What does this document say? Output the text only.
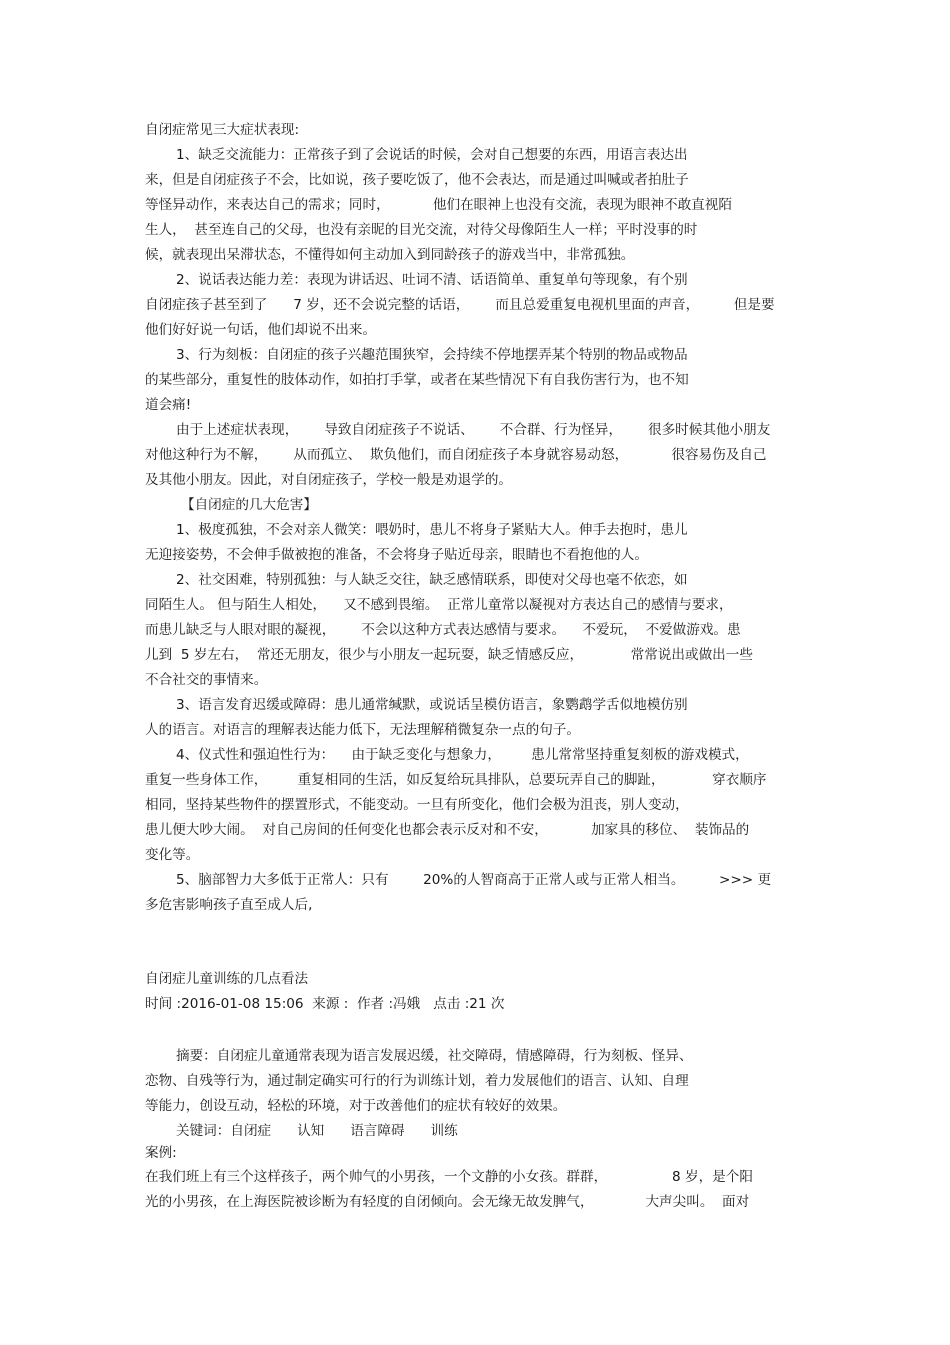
自闭症常见三大症状表现:
1、缺乏交流能力：正常孩子到了会说话的时候，会对自己想要的东西，用语言表达出
来，但是自闭症孩子不会，比如说，孩子要吃饭了，他不会表达，而是通过叫喊或者拍肚子
等怪异动作，来表达自己的需求；同时，          他们在眼神上也没有交流，表现为眼神不敢直视陌
生人，  甚至连自己的父母，也没有亲昵的目光交流，对待父母像陌生人一样；平时没事的时
候，就表现出呆滞状态，不懂得如何主动加入到同龄孩子的游戏当中，非常孤独。
2、说话表达能力差：表现为讲话迟、吐词不清、话语简单、重复单句等现象，有个别
自闭症孩子甚至到了      7 岁，还不会说完整的话语，      而且总爱重复电视机里面的声音，        但是要
他们好好说一句话，他们却说不出来。
3、行为刻板：自闭症的孩子兴趣范围狭窄，会持续不停地摆弄某个特别的物品或物品
的某些部分，重复性的肢体动作，如拍打手掌，或者在某些情况下有自我伤害行为，也不知
道会痛!
由于上述症状表现，      导致自闭症孩子不说话、      不合群、行为怪异，      很多时候其他小朋友
对他这种行为不解，      从而孤立、  欺负他们，而自闭症孩子本身就容易动怒，          很容易伤及自己
及其他小朋友。因此，对自闭症孩子，学校一般是劝退学的。
【自闭症的几大危害】
1、极度孤独，不会对亲人微笑：喂奶时，患儿不将身子紧贴大人。伸手去抱时，患儿
无迎接姿势，不会伸手做被抱的准备，不会将身子贴近母亲，眼睛也不看抱他的人。
2、社交困难，特别孤独：与人缺乏交往，缺乏感情联系，即使对父母也毫不依恋，如
同陌生人。 但与陌生人相处，    又不感到畏缩。  正常儿童常以凝视对方表达自己的感情与要求，
而患儿缺乏与人眼对眼的凝视，      不会以这种方式表达感情与要求。    不爱玩，  不爱做游戏。患
儿到  5 岁左右，  常还无朋友，很少与小朋友一起玩耍，缺乏情感反应，           常常说出或做出一些
不合社交的事情来。
3、语言发育迟缓或障碍：患儿通常缄默，或说话呈模仿语言，象鹦鹉学舌似地模仿别
人的语言。对语言的理解表达能力低下，无法理解稍微复杂一点的句子。
4、仪式性和强迫性行为：    由于缺乏变化与想象力，       患儿常常坚持重复刻板的游戏模式，
重复一些身体工作，       重复相同的生活，如反复给玩具排队，总要玩弄自己的脚趾，           穿衣顺序
相同，坚持某些物件的摆置形式，不能变动。一旦有所变化，他们会极为沮丧，别人变动，
患儿便大吵大闹。  对自己房间的任何变化也都会表示反对和不安，          加家具的移位、  装饰品的
变化等。
5、脑部智力大多低于正常人：只有        20%的人智商高于正常人或与正常人相当。        >>> 更
多危害影响孩子直至成人后,
自闭症儿童训练的几点看法
时间 :2016-01-08 15:06  来源 :  作者 :冯娥   点击 :21 次
摘要：自闭症儿童通常表现为语言发展迟缓，社交障碍，情感障碍，行为刻板、怪异、
恋物、自残等行为，通过制定确实可行的行为训练计划，着力发展他们的语言、认知、自理
等能力，创设互动，轻松的环境，对于改善他们的症状有较好的效果。
关键词：自闭症      认知      语言障碍      训练
案例:
在我们班上有三个这样孩子，两个帅气的小男孩，一个文静的小女孩。群群，               8 岁，是个阳
光的小男孩，在上海医院被诊断为有轻度的自闭倾向。会无缘无故发脾气，            大声尖叫。  面对
